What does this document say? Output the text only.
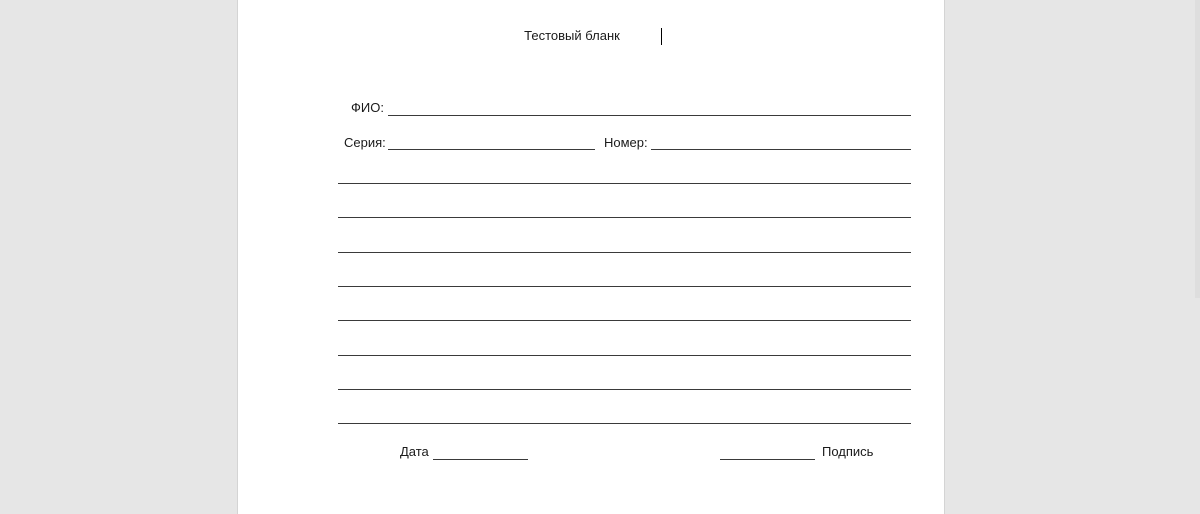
Тестовый бланк
ФИО:
Серия:	Номер:
Дата	Подпись
